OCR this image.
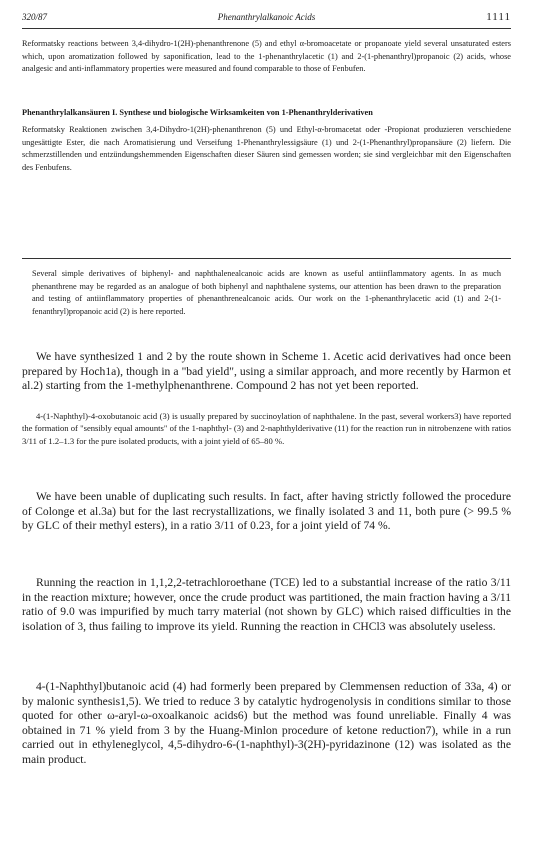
320/87	Phenanthrylalkanoic Acids	1111
Reformatsky reactions between 3,4-dihydro-1(2H)-phenanthrenone (5) and ethyl α-bromoacetate or propanoate yield several unsaturated esters which, upon aromatization followed by saponification, lead to the 1-phenanthrylacetic (1) and 2-(1-phenanthryl)propanoic (2) acids, whose analgesic and anti-inflammatory properties were measured and found comparable to those of Fenbufen.
Phenanthrylalkansäuren I. Synthese und biologische Wirksamkeiten von 1-Phenanthrylderivativen
Reformatsky Reaktionen zwischen 3,4-Dihydro-1(2H)-phenanthrenon (5) und Ethyl-α-bromacetat oder -Propionat produzieren verschiedene ungesättigte Ester, die nach Aromatisierung und Verseifung 1-Phenanthrylessigsäure (1) und 2-(1-Phenanthryl)propansäure (2) liefern. Die schmerzstillenden und entzündungshemmenden Eigenschaften dieser Säuren sind gemessen worden; sie sind vergleichbar mit den Eigenschaften des Fenbufens.
Several simple derivatives of biphenyl- and naphthalenealcanoic acids are known as useful antiinflammatory agents. In as much phenanthrene may be regarded as an analogue of both biphenyl and naphthalene systems, our attention has been drawn to the preparation and testing of antiinflammatory properties of phenanthrenealcanoic acids. Our work on the 1-phenanthrylacetic acid (1) and 2-(1-fenanthryl)propanoic acid (2) is here reported.
We have synthesized 1 and 2 by the route shown in Scheme 1. Acetic acid derivatives had once been prepared by Hoch1a), though in a "bad yield", using a similar approach, and more recently by Harmon et al.2) starting from the 1-methylphenanthrene. Compound 2 has not yet been reported.
4-(1-Naphthyl)-4-oxobutanoic acid (3) is usually prepared by succinoylation of naphthalene. In the past, several workers3) have reported the formation of "sensibly equal amounts" of the 1-naphthyl- (3) and 2-naphthylderivative (11) for the reaction run in nitrobenzene with ratios 3/11 of 1.2–1.3 for the pure isolated products, with a joint yield of 65–80 %.
We have been unable of duplicating such results. In fact, after having strictly followed the procedure of Colonge et al.3a) but for the last recrystallizations, we finally isolated 3 and 11, both pure (> 99.5 % by GLC of their methyl esters), in a ratio 3/11 of 0.23, for a joint yield of 74 %.
Running the reaction in 1,1,2,2-tetrachloroethane (TCE) led to a substantial increase of the ratio 3/11 in the reaction mixture; however, once the crude product was partitioned, the main fraction having a 3/11 ratio of 9.0 was impurified by much tarry material (not shown by GLC) which raised difficulties in the isolation of 3, thus failing to improve its yield. Running the reaction in CHCl3 was absolutely useless.
4-(1-Naphthyl)butanoic acid (4) had formerly been prepared by Clemmensen reduction of 33a, 4) or by malonic synthesis1,5). We tried to reduce 3 by catalytic hydrogenolysis in conditions similar to those quoted for other ω-aryl-ω-oxoalkanoic acids6) but the method was found unreliable. Finally 4 was obtained in 71 % yield from 3 by the Huang-Minlon procedure of ketone reduction7), while in a run carried out in ethyleneglycol, 4,5-dihydro-6-(1-naphthyl)-3(2H)-pyridazinone (12) was isolated as the main product.
